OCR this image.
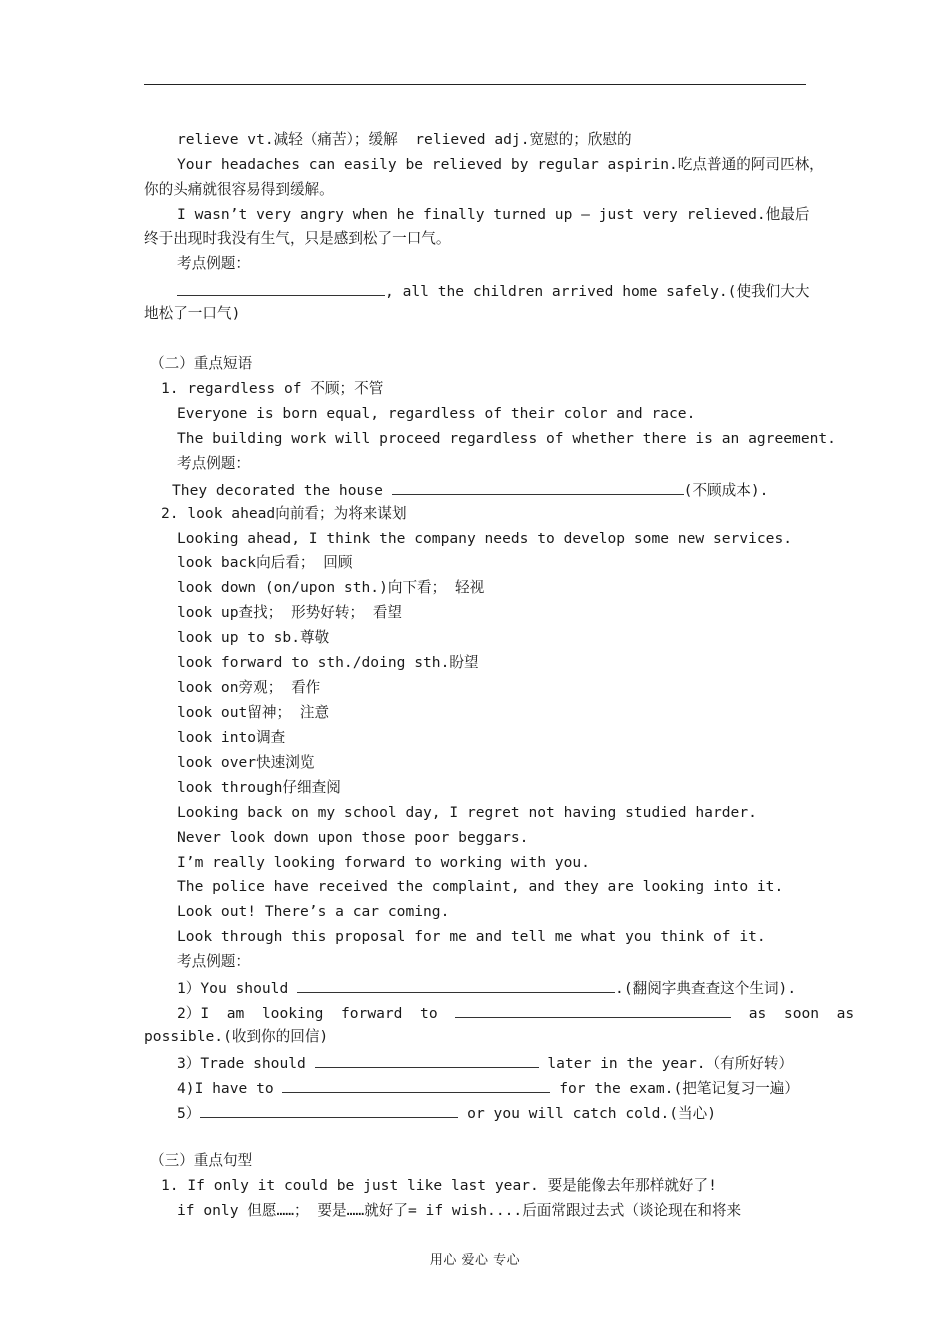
relieve vt.减轻（痛苦）；缓解  relieved adj.宽慰的；欣慰的
Your headaches can easily be relieved by regular aspirin.吃点普通的阿司匹林，
你的头痛就很容易得到缓解。
I wasn’t very angry when he finally turned up – just very relieved.他最后
终于出现时我没有生气，只是感到松了一口气。
考点例题：
, all the children arrived home safely.(使我们大大
地松了一口气)
（二）重点短语
1. regardless of 不顾；不管
Everyone is born equal, regardless of their color and race.
The building work will proceed regardless of whether there is an agreement.
考点例题：
They decorated the house	(不顾成本).
2. look ahead向前看；为将来谋划
Looking ahead, I think the company needs to develop some new services.
look back向后看； 回顾
look down (on/upon sth.)向下看； 轻视
look up查找； 形势好转； 看望
look up to sb.尊敬
look forward to sth./doing sth.盼望
look on旁观； 看作
look out留神； 注意
look into调查
look over快速浏览
look through仔细查阅
Looking back on my school day, I regret not having studied harder.
Never look down upon those poor beggars.
I’m really looking forward to working with you.
The police have received the complaint, and they are looking into it.
Look out! There’s a car coming.
Look through this proposal for me and tell me what you think of it.
考点例题：
1）You should	.(翻阅字典查查这个生词).
2）I  am  looking  forward  to	as  soon  as
possible.(收到你的回信)
3）Trade should	later in the year.（有所好转）
4)I have to	for the exam.(把笔记复习一遍）
5）	or you will catch cold.(当心)
（三）重点句型
1. If only it could be just like last year. 要是能像去年那样就好了!
if only 但愿……； 要是……就好了= if wish....后面常跟过去式（谈论现在和将来
用心 爱心 专心
